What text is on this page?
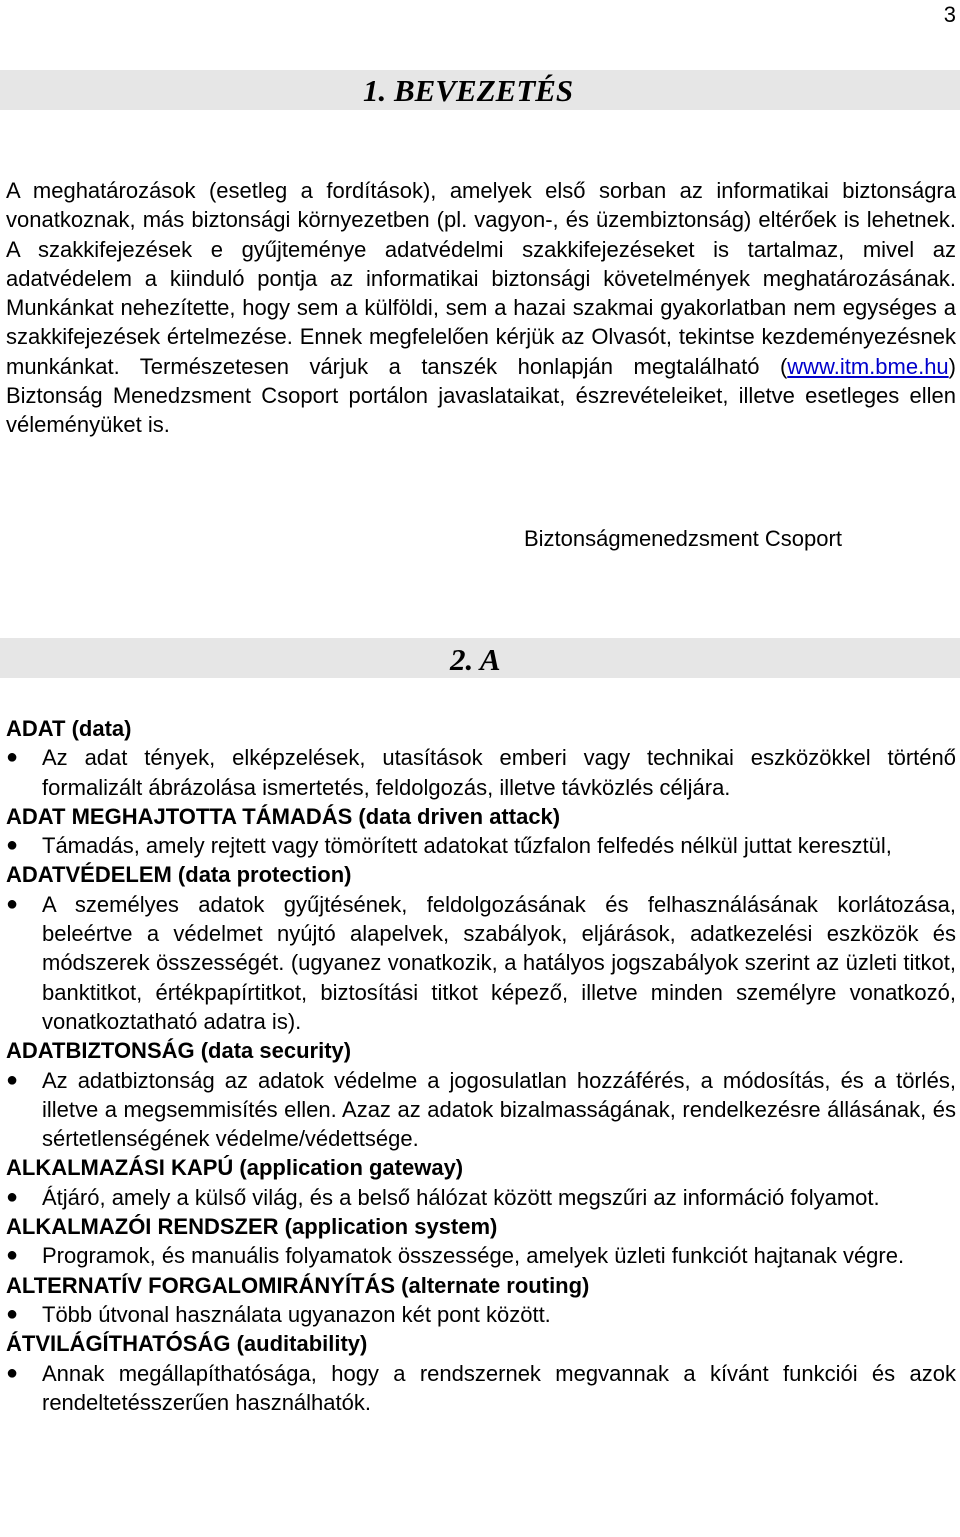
3
1. BEVEZETÉS

A meghatározások (esetleg a fordítások), amelyek első sorban az informatikai biztonságra vonatkoznak, más biztonsági környezetben (pl. vagyon-, és üzembiztonság) eltérőek is lehetnek. A szakkifejezések e gyűjteménye adatvédelmi szakkifejezéseket is tartalmaz, mivel az adatvédelem a kiinduló pontja az informatikai biztonsági követelmények meghatározásának. Munkánkat nehezítette, hogy sem a külföldi, sem a hazai szakmai gyakorlatban nem egységes a szakkifejezések értelmezése. Ennek megfelelően kérjük az Olvasót, tekintse kezdeményezésnek munkánkat. Természetesen várjuk a tanszék honlapján megtalálható (www.itm.bme.hu) Biztonság Menedzsment Csoport portálon javaslataikat, észrevételeiket, illetve esetleges ellen véleményüket is.

Biztonságmenedzsment Csoport
2. A

ADAT (data)

● Az adat tények, elképzelések, utasítások emberi vagy technikai eszközökkel történő formalizált ábrázolása ismertetés, feldolgozás, illetve távközlés céljára.

ADAT MEGHAJTOTTA TÁMADÁS (data driven attack)

● Támadás, amely rejtett vagy tömörített adatokat tűzfalon felfedés nélkül juttat keresztül,

ADATVÉDELEM (data protection)

● A személyes adatok gyűjtésének, feldolgozásának és felhasználásának korlátozása, beleértve a védelmet nyújtó alapelvek, szabályok, eljárások, adatkezelési eszközök és módszerek összességét. (ugyanez vonatkozik, a hatályos jogszabályok szerint az üzleti titkot, banktitkot, értékpapírtitkot, biztosítási titkot képező, illetve minden személyre vonatkozó, vonatkoztatható adatra is).

ADATBIZTONSÁG (data security)

● Az adatbiztonság az adatok védelme a jogosulatlan hozzáférés, a módosítás, és a törlés, illetve a megsemmisítés ellen. Azaz az adatok bizalmasságának, rendelkezésre állásának, és sértetlenségének védelme/védettsége.

ALKALMAZÁSI KAPÚ (application gateway)

● Átjáró, amely a külső világ, és a belső hálózat között megszűri az információ folyamot.

ALKALMAZÓI RENDSZER (application system)

● Programok, és manuális folyamatok összessége, amelyek üzleti funkciót hajtanak végre.

ALTERNATÍV FORGALOMIRÁNYÍTÁS (alternate routing)

● Több útvonal használata ugyanazon két pont között.

ÁTVILÁGÍTHATÓSÁG (auditability)

● Annak megállapíthatósága, hogy a rendszernek megvannak a kívánt funkciói és azok rendeltetésszerűen használhatók.
